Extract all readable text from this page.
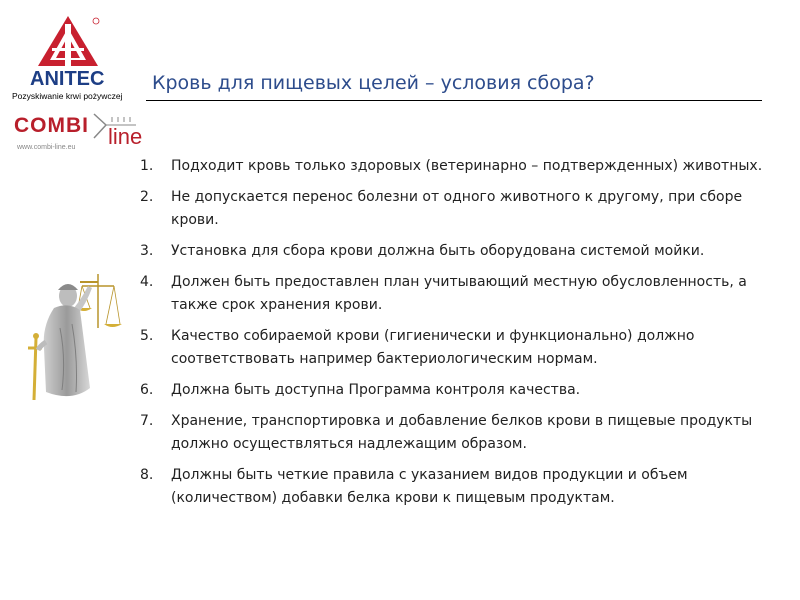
ANITEC
Pozyskiwanie krwi pożywczej
Кровь для пищевых целей – условия сбора?
COMBI line
www.combi-line.eu
1. Подходит кровь только здоровых (ветеринарно – подтвержденных) животных.
2. Не допускается перенос болезни от одного животного к другому, при сборе крови.
3. Установка для сбора крови должна быть оборудована системой мойки.
4. Должен быть предоставлен план учитывающий местную обусловленность, а также срок хранения крови.
5. Качество собираемой крови (гигиенически и функционально) должно соответствовать например бактериологическим нормам.
6. Должна быть доступна Программа контроля качества.
7. Хранение, транспортировка и добавление белков крови в пищевые продукты должно осуществляться надлежащим образом.
8. Должны быть четкие правила с указанием видов продукции и объем (количеством) добавки белка крови к пищевым продуктам.
